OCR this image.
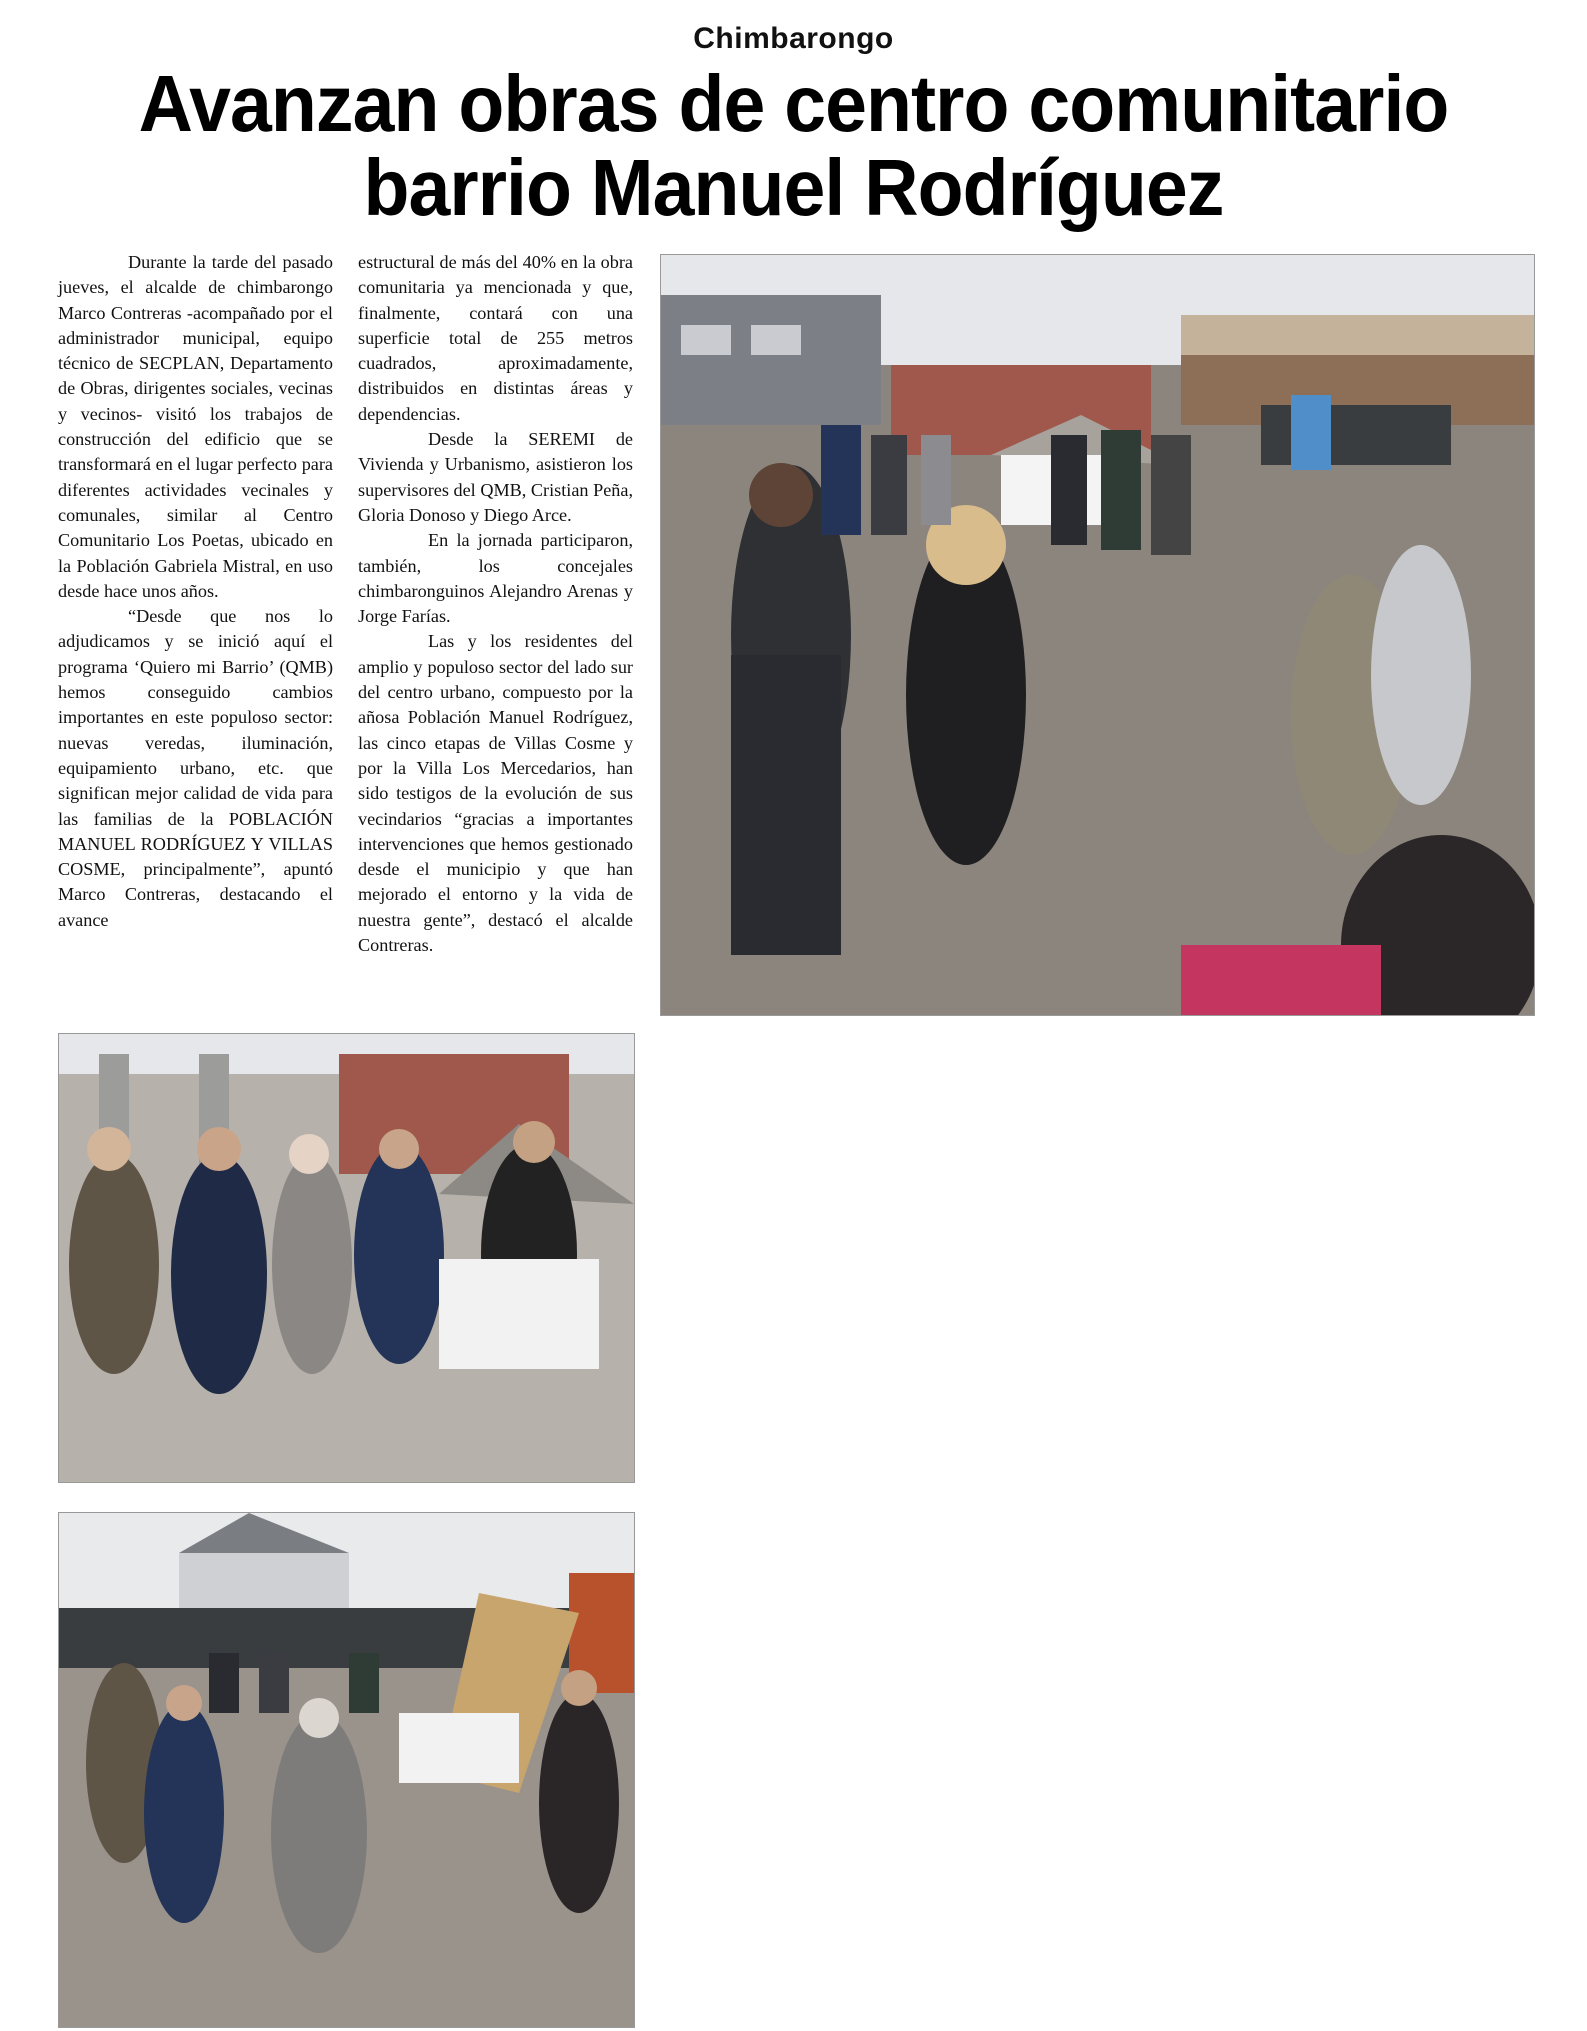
Chimbarongo
Avanzan obras de centro comunitario
barrio Manuel Rodríguez

Durante la tarde del pasado jueves, el alcalde de chimbarongo Marco Contreras -acompañado por el administrador municipal, equipo técnico de SECPLAN, Departamento de Obras, dirigentes sociales, vecinas y vecinos- visitó los trabajos de construcción del edificio que se transformará en el lugar perfecto para diferentes actividades vecinales y comunales, similar al Centro Comunitario Los Poetas, ubicado en la Población Gabriela Mistral, en uso desde hace unos años.

“Desde que nos lo adjudicamos y se inició aquí el programa ‘Quiero mi Barrio’ (QMB) hemos conseguido cambios importantes en este populoso sector: nuevas veredas, iluminación, equipamiento urbano, etc. que significan mejor calidad de vida para las familias de la POBLACIÓN MANUEL RODRÍGUEZ Y VILLAS COSME, principalmente”, apuntó Marco Contreras, destacando el avance

estructural de más del 40% en la obra comunitaria ya mencionada y que, finalmente, contará con una superficie total de 255 metros cuadrados, aproximadamente, distribuidos en distintas áreas y dependencias.

Desde la SEREMI de Vivienda y Urbanismo, asistieron los supervisores del QMB, Cristian Peña, Gloria Donoso y Diego Arce.

En la jornada participaron, también, los concejales chimbaronguinos Alejandro Arenas y Jorge Farías.

Las y los residentes del amplio y populoso sector del lado sur del centro urbano, compuesto por la añosa Población Manuel Rodríguez, las cinco etapas de Villas Cosme y por la Villa Los Mercedarios, han sido testigos de la evolución de sus vecindarios “gracias a importantes intervenciones que hemos gestionado desde el municipio y que han mejorado el entorno y la vida de nuestra gente”, destacó el alcalde Contreras.
